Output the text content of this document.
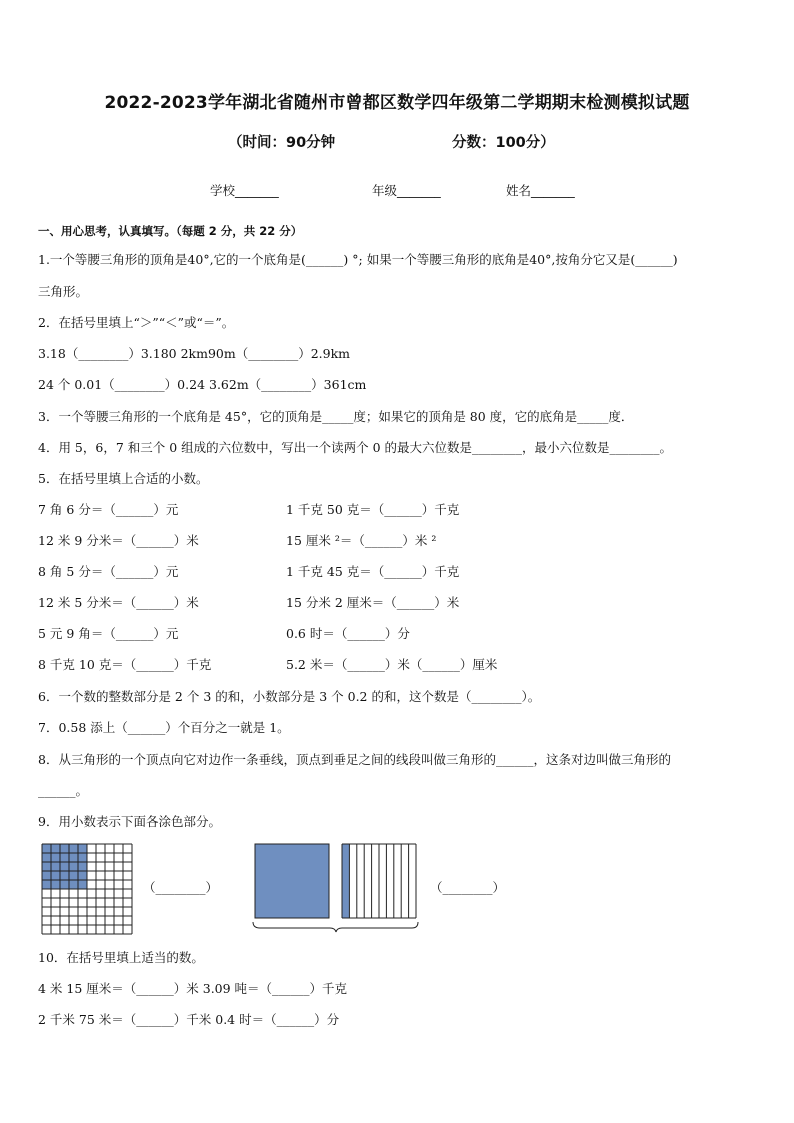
2022-2023学年湖北省随州市曾都区数学四年级第二学期期末检测模拟试题
（时间：90分钟	分数：100分）
学校_______	年级_______	姓名_______
一、用心思考，认真填写。（每题 2 分，共 22 分）
1.一个等腰三角形的顶角是40°,它的一个底角是(______) °; 如果一个等腰三角形的底角是40°,按角分它又是(______)
三角形。
2．在括号里填上“＞”“＜”或“＝”。
3.18（________）3.180 2km90m（________）2.9km
24 个 0.01（________）0.24 3.62m（________）361cm
3．一个等腰三角形的一个底角是 45°，它的顶角是_____度；如果它的顶角是 80 度，它的底角是_____度．
4．用 5，6，7 和三个 0 组成的六位数中，写出一个读两个 0 的最大六位数是________，最小六位数是________。
5．在括号里填上合适的小数。
7 角 6 分＝（______）元	1 千克 50 克＝（______）千克
12 米 9 分米＝（______）米	15 厘米 ²＝（______）米 ²
8 角 5 分＝（______）元	1 千克 45 克＝（______）千克
12 米 5 分米＝（______）米	15 分米 2 厘米＝（______）米
5 元 9 角＝（______）元	0.6 时＝（______）分
8 千克 10 克＝（______）千克	5.2 米＝（______）米（______）厘米
6．一个数的整数部分是 2 个 3 的和，小数部分是 3 个 0.2 的和，这个数是（________）。
7．0.58 添上（______）个百分之一就是 1。
8．从三角形的一个顶点向它对边作一条垂线，顶点到垂足之间的线段叫做三角形的______，这条对边叫做三角形的
______。
9．用小数表示下面各涂色部分。
（________）	（________）
10．在括号里填上适当的数。
4 米 15 厘米＝（______）米 3.09 吨＝（______）千克
2 千米 75 米＝（______）千米 0.4 时＝（______）分
